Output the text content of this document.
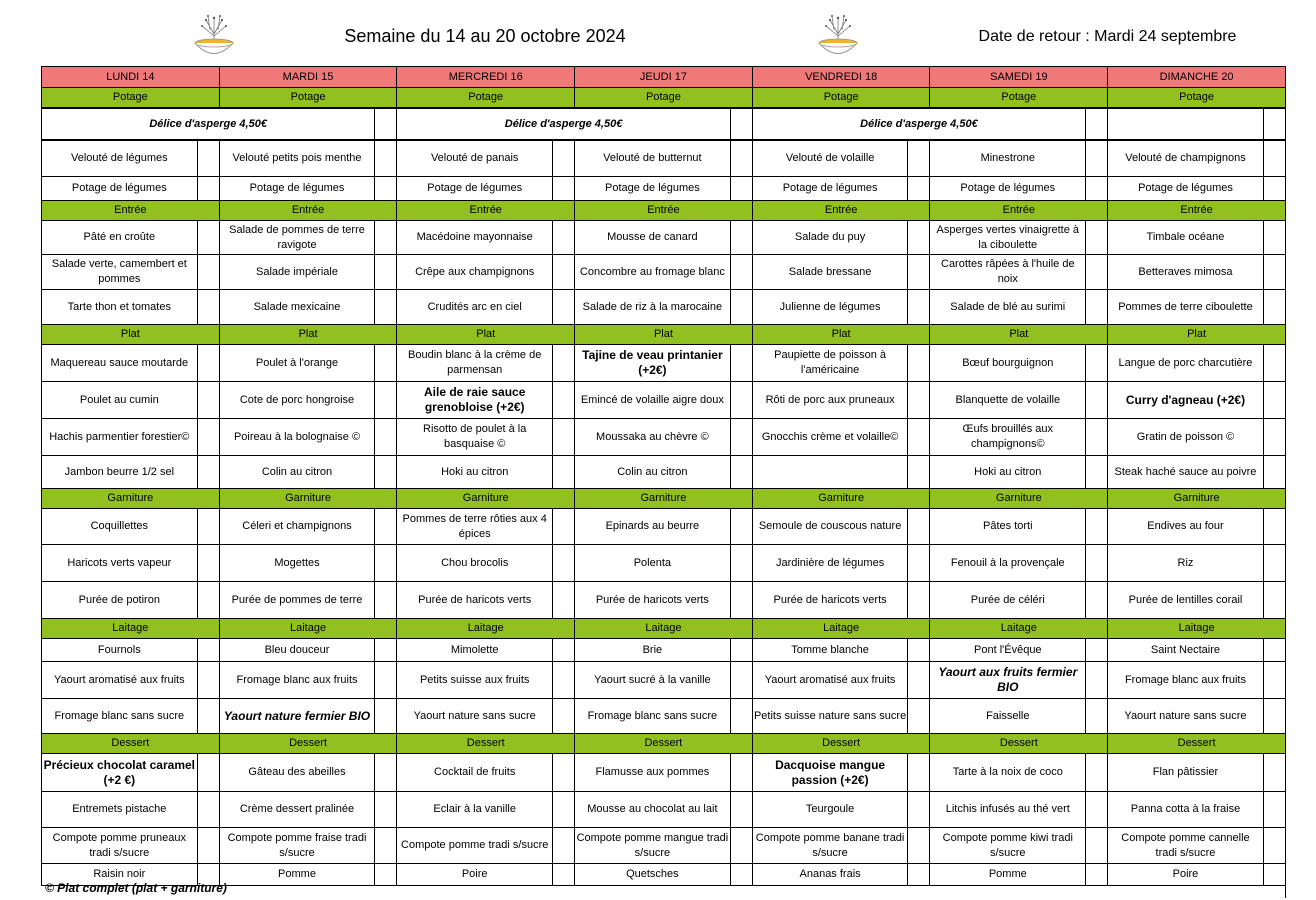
Semaine du 14 au 20 octobre 2024	Date de retour : Mardi 24 septembre
LUNDI 14		MARDI 15		MERCREDI 16		JEUDI 17		VENDREDI 18		SAMEDI 19		DIMANCHE 20	
Potage		Potage		Potage		Potage		Potage		Potage		Potage	
Délice d'asperge 4,50€				Délice d'asperge 4,50€				Délice d'asperge 4,50€					
Velouté de légumes		Velouté petits pois menthe		Velouté de panais		Velouté de butternut		Velouté de volaille		Minestrone		Velouté de champignons	
Potage de légumes		Potage de légumes		Potage de légumes		Potage de légumes		Potage de légumes		Potage de légumes		Potage de légumes	
Entrée		Entrée		Entrée		Entrée		Entrée		Entrée		Entrée	
Pâté en croûte		Salade de pommes de terre ravigote		Macédoine mayonnaise		Mousse de canard		Salade du puy		Asperges vertes vinaigrette à la ciboulette		Timbale océane	
Salade verte, camembert et pommes		Salade impériale		Crêpe aux champignons		Concombre au fromage blanc		Salade bressane		Carottes râpées à l'huile de noix		Betteraves mimosa	
Tarte thon et tomates		Salade mexicaine		Crudités arc en ciel		Salade de riz à la marocaine		Julienne de légumes		Salade de blé au surimi		Pommes de terre ciboulette	
Plat		Plat		Plat		Plat		Plat		Plat		Plat	
Maquereau sauce moutarde		Poulet à l'orange		Boudin blanc à la crème de parmensan		Tajine de veau printanier (+2€)		Paupiette de poisson à l'américaine		Bœuf bourguignon		Langue de porc charcutière	
Poulet au cumin		Cote de porc hongroise		Aile de raie sauce grenobloise (+2€)		Emincé de volaille aigre doux		Rôti de porc aux pruneaux		Blanquette de volaille		Curry d'agneau (+2€)	
Hachis parmentier forestier©		Poireau à la bolognaise ©		Risotto de poulet à la basquaise ©		Moussaka au chèvre ©		Gnocchis crème et volaille©		Œufs brouillés aux champignons©		Gratin de poisson ©	
Jambon beurre 1/2 sel		Colin au citron		Hoki au citron		Colin au citron				Hoki au citron		Steak haché sauce au poivre	
Garniture		Garniture		Garniture		Garniture		Garniture		Garniture		Garniture	
Coquillettes		Céleri et champignons		Pommes de terre rôties aux 4 épices		Epinards au beurre		Semoule de couscous nature		Pâtes torti		Endives au four	
Haricots verts vapeur		Mogettes		Chou brocolis		Polenta		Jardinière de légumes		Fenouil à la provençale		Riz	
Purée de potiron		Purée de pommes de terre		Purée de haricots verts		Purée de haricots verts		Purée de haricots verts		Purée de céléri		Purée de lentilles corail	
Laitage		Laitage		Laitage		Laitage		Laitage		Laitage		Laitage	
Fournols		Bleu douceur		Mimolette		Brie		Tomme blanche		Pont l'Évêque		Saint Nectaire	
Yaourt aromatisé aux fruits		Fromage blanc aux fruits		Petits suisse aux fruits		Yaourt sucré à la vanille		Yaourt aromatisé aux fruits		Yaourt aux fruits fermier BIO		Fromage blanc aux fruits	
Fromage blanc sans sucre		Yaourt nature fermier BIO		Yaourt nature sans sucre		Fromage blanc sans sucre		Petits suisse nature sans sucre		Faisselle		Yaourt nature sans sucre	
Dessert		Dessert		Dessert		Dessert		Dessert		Dessert		Dessert	
Précieux chocolat caramel (+2 €)		Gâteau des abeilles		Cocktail de fruits		Flamusse aux pommes		Dacquoise mangue passion (+2€)		Tarte à la noix de coco		Flan pâtissier	
Entremets pistache		Crème dessert pralinée		Eclair à la vanille		Mousse au chocolat au lait		Teurgoule		Litchis infusés au thé vert		Panna cotta à la fraise	
Compote pomme pruneaux tradi s/sucre		Compote pomme fraise tradi s/sucre		Compote pomme tradi s/sucre		Compote pomme mangue tradi s/sucre		Compote pomme banane tradi s/sucre		Compote pomme kiwi tradi s/sucre		Compote pomme cannelle tradi s/sucre	
Raisin noir		Pomme		Poire		Quetsches		Ananas frais		Pomme		Poire	
© Plat complet (plat + garniture)
